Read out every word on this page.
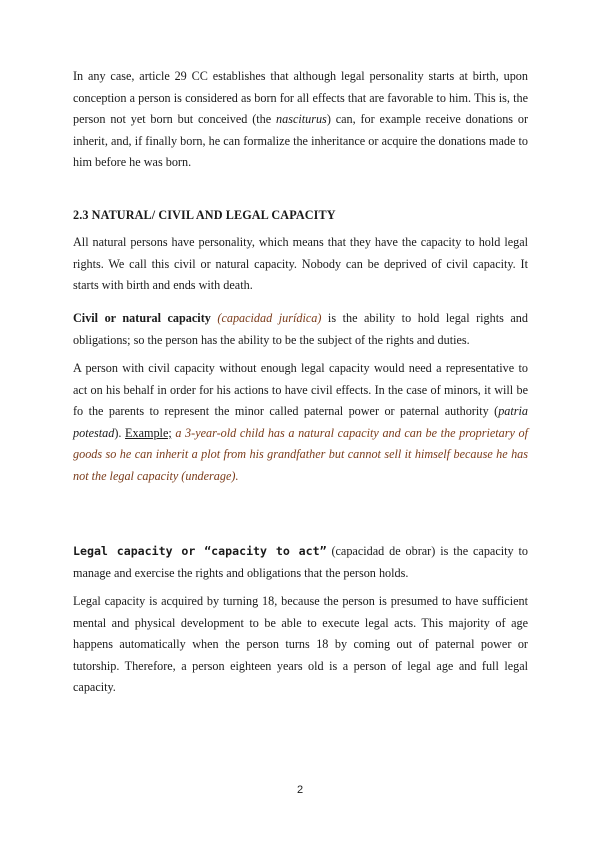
In any case, article 29 CC establishes that although legal personality starts at birth, upon conception a person is considered as born for all effects that are favorable to him. This is, the person not yet born but conceived (the nasciturus) can, for example receive donations or inherit, and, if finally born, he can formalize the inheritance or acquire the donations made to him before he was born.

2.3 NATURAL/ CIVIL AND LEGAL CAPACITY

All natural persons have personality, which means that they have the capacity to hold legal rights. We call this civil or natural capacity. Nobody can be deprived of civil capacity. It starts with birth and ends with death.

Civil or natural capacity (capacidad jurídica) is the ability to hold legal rights and obligations; so the person has the ability to be the subject of the rights and duties.

A person with civil capacity without enough legal capacity would need a representative to act on his behalf in order for his actions to have civil effects. In the case of minors, it will be fo the parents to represent the minor called paternal power or paternal authority (patria potestad). Example; a 3-year-old child has a natural capacity and can be the proprietary of goods so he can inherit a plot from his grandfather but cannot sell it himself because he has not the legal capacity (underage).

Legal capacity or “capacity to act” (capacidad de obrar) is the capacity to manage and exercise the rights and obligations that the person holds.

Legal capacity is acquired by turning 18, because the person is presumed to have sufficient mental and physical development to be able to execute legal acts. This majority of age happens automatically when the person turns 18 by coming out of paternal power or tutorship. Therefore, a person eighteen years old is a person of legal age and full legal capacity.

2
